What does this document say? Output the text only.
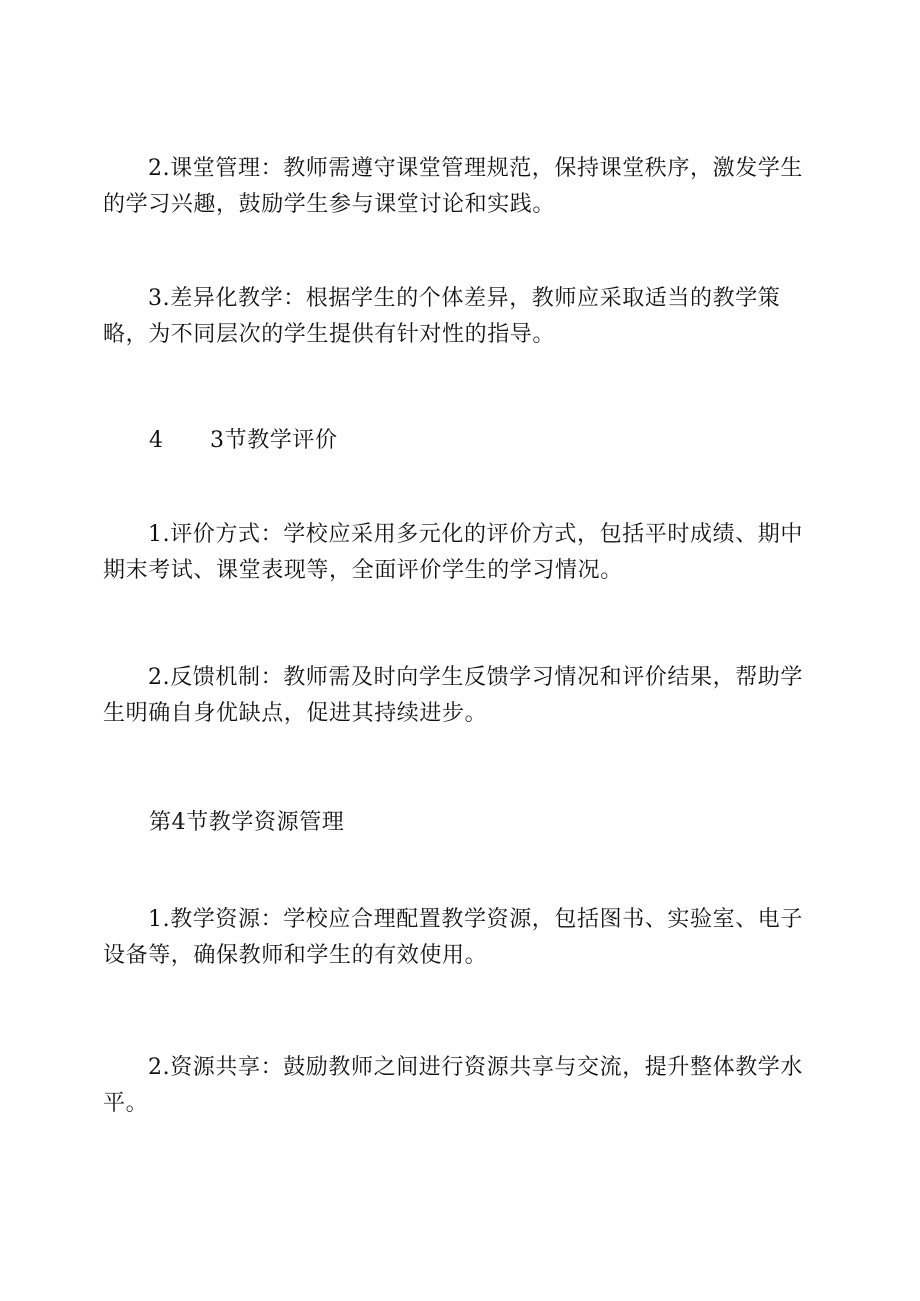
2.课堂管理：教师需遵守课堂管理规范，保持课堂秩序，激发学生的学习兴趣，鼓励学生参与课堂讨论和实践。

3.差异化教学：根据学生的个体差异，教师应采取适当的教学策略，为不同层次的学生提供有针对性的指导。

4 3节教学评价

1.评价方式：学校应采用多元化的评价方式，包括平时成绩、期中期末考试、课堂表现等，全面评价学生的学习情况。

2.反馈机制：教师需及时向学生反馈学习情况和评价结果，帮助学生明确自身优缺点，促进其持续进步。

第4节教学资源管理

1.教学资源：学校应合理配置教学资源，包括图书、实验室、电子设备等，确保教师和学生的有效使用。

2.资源共享：鼓励教师之间进行资源共享与交流，提升整体教学水平。
